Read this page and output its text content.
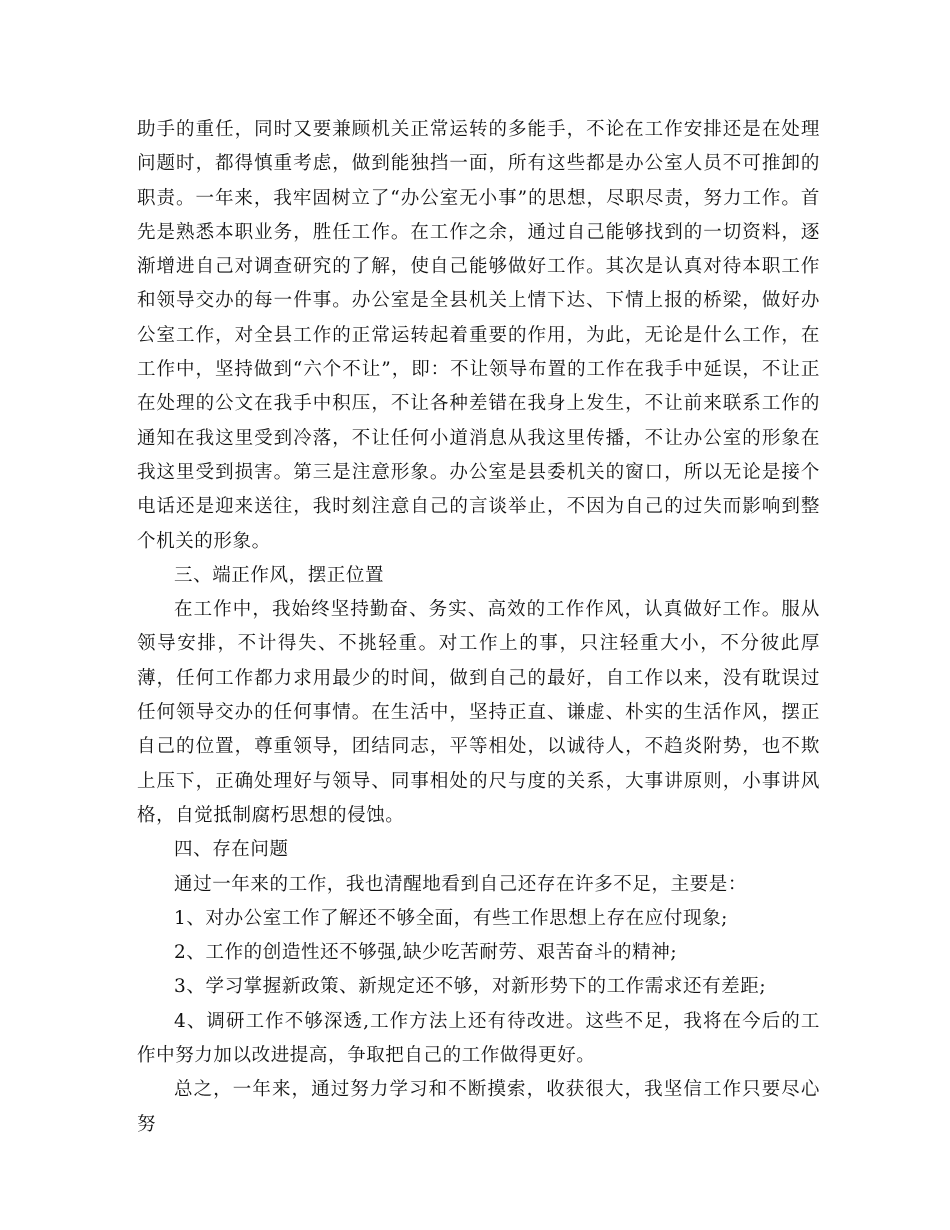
助手的重任，同时又要兼顾机关正常运转的多能手，不论在工作安排还是在处理问题时，都得慎重考虑，做到能独挡一面，所有这些都是办公室人员不可推卸的职责。一年来，我牢固树立了“办公室无小事”的思想，尽职尽责，努力工作。首先是熟悉本职业务，胜任工作。在工作之余，通过自己能够找到的一切资料，逐渐增进自己对调查研究的了解，使自己能够做好工作。其次是认真对待本职工作和领导交办的每一件事。办公室是全县机关上情下达、下情上报的桥梁，做好办公室工作，对全县工作的正常运转起着重要的作用，为此，无论是什么工作，在工作中，坚持做到“六个不让”，即：不让领导布置的工作在我手中延误，不让正在处理的公文在我手中积压，不让各种差错在我身上发生，不让前来联系工作的通知在我这里受到冷落，不让任何小道消息从我这里传播，不让办公室的形象在我这里受到损害。第三是注意形象。办公室是县委机关的窗口，所以无论是接个电话还是迎来送往，我时刻注意自己的言谈举止，不因为自己的过失而影响到整个机关的形象。

三、端正作风，摆正位置

在工作中，我始终坚持勤奋、务实、高效的工作作风，认真做好工作。服从领导安排，不计得失、不挑轻重。对工作上的事，只注轻重大小，不分彼此厚薄，任何工作都力求用最少的时间，做到自己的最好，自工作以来，没有耽误过任何领导交办的任何事情。在生活中，坚持正直、谦虚、朴实的生活作风，摆正自己的位置，尊重领导，团结同志，平等相处，以诚待人，不趋炎附势，也不欺上压下，正确处理好与领导、同事相处的尺与度的关系，大事讲原则，小事讲风格，自觉抵制腐朽思想的侵蚀。

四、存在问题

通过一年来的工作，我也清醒地看到自己还存在许多不足，主要是：

1、对办公室工作了解还不够全面，有些工作思想上存在应付现象;

2、工作的创造性还不够强,缺少吃苦耐劳、艰苦奋斗的精神;

3、学习掌握新政策、新规定还不够，对新形势下的工作需求还有差距;

4、调研工作不够深透,工作方法上还有待改进。这些不足，我将在今后的工作中努力加以改进提高，争取把自己的工作做得更好。

总之，一年来，通过努力学习和不断摸索，收获很大，我坚信工作只要尽心努
